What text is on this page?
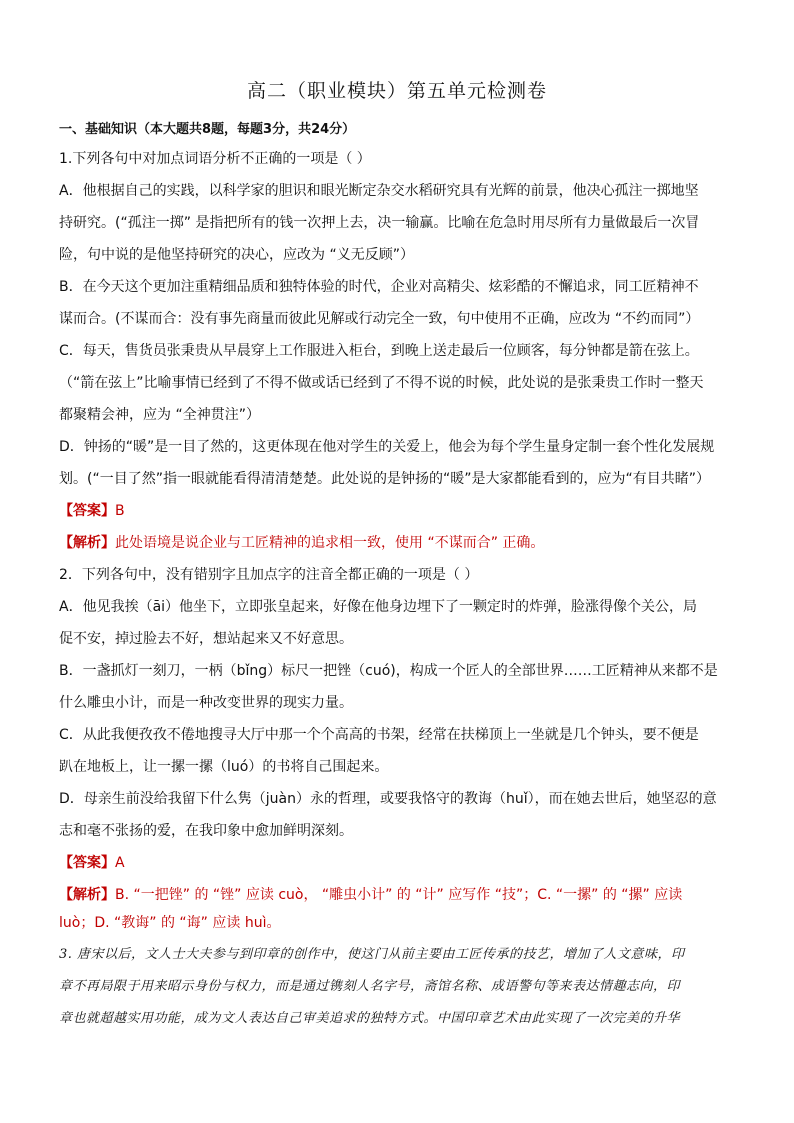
高二（职业模块）第五单元检测卷
一、基础知识（本大题共8题，每题3分，共24分）
1.下列各句中对加点词语分析不正确的一项是（ ）
A．他根据自己的实践，以科学家的胆识和眼光断定杂交水稻研究具有光辉的前景，他决心孤注一掷地坚
持研究。(“孤注一掷” 是指把所有的钱一次押上去，决一输赢。比喻在危急时用尽所有力量做最后一次冒
险，句中说的是他坚持研究的决心，应改为 “义无反顾”）
B．在今天这个更加注重精细品质和独特体验的时代，企业对高精尖、炫彩酷的不懈追求，同工匠精神不
谋而合。(不谋而合：没有事先商量而彼此见解或行动完全一致，句中使用不正确，应改为 “不约而同”）
C．每天，售货员张秉贵从早晨穿上工作服进入柜台，到晚上送走最后一位顾客，每分钟都是箭在弦上。
（“箭在弦上”比喻事情已经到了不得不做或话已经到了不得不说的时候，此处说的是张秉贵工作时一整天
都聚精会神，应为 “全神贯注”）
D．钟扬的“暖”是一目了然的，这更体现在他对学生的关爱上，他会为每个学生量身定制一套个性化发展规
划。(“一目了然”指一眼就能看得清清楚楚。此处说的是钟扬的“暖”是大家都能看到的，应为“有目共睹”）
【答案】B
【解析】此处语境是说企业与工匠精神的追求相一致，使用 “不谋而合” 正确。
2．下列各句中，没有错别字且加点字的注音全都正确的一项是（ ）
A．他见我挨（āi）他坐下，立即张皇起来，好像在他身边埋下了一颗定时的炸弹，脸涨得像个关公，局
促不安，掉过脸去不好，想站起来又不好意思。
B．一盏抓灯一刻刀，一柄（bǐng）标尺一把锉（cuó)，构成一个匠人的全部世界……工匠精神从来都不是
什么雕虫小计，而是一种改变世界的现实力量。
C．从此我便孜孜不倦地搜寻大厅中那一个个高高的书架，经常在扶梯顶上一坐就是几个钟头，要不便是
趴在地板上，让一摞一摞（luó）的书将自己围起来。
D．母亲生前没给我留下什么隽（juàn）永的哲理，或要我恪守的教诲（huǐ），而在她去世后，她坚忍的意
志和毫不张扬的爱，在我印象中愈加鲜明深刻。
【答案】A
【解析】B. “一把锉” 的 “锉” 应读 cuò， “雕虫小计” 的 “计” 应写作 “技”；C. “一摞” 的 “摞” 应读
luò；D. “教诲” 的 “诲” 应读 huì。
3. 唐宋以后，文人士大夫参与到印章的创作中，使这门从前主要由工匠传承的技艺，增加了人文意味，印
章不再局限于用来昭示身份与权力，而是通过镌刻人名字号，斋馆名称、成语警句等来表达情趣志向，印
章也就超越实用功能，成为文人表达自己审美追求的独特方式。中国印章艺术由此实现了一次完美的升华
